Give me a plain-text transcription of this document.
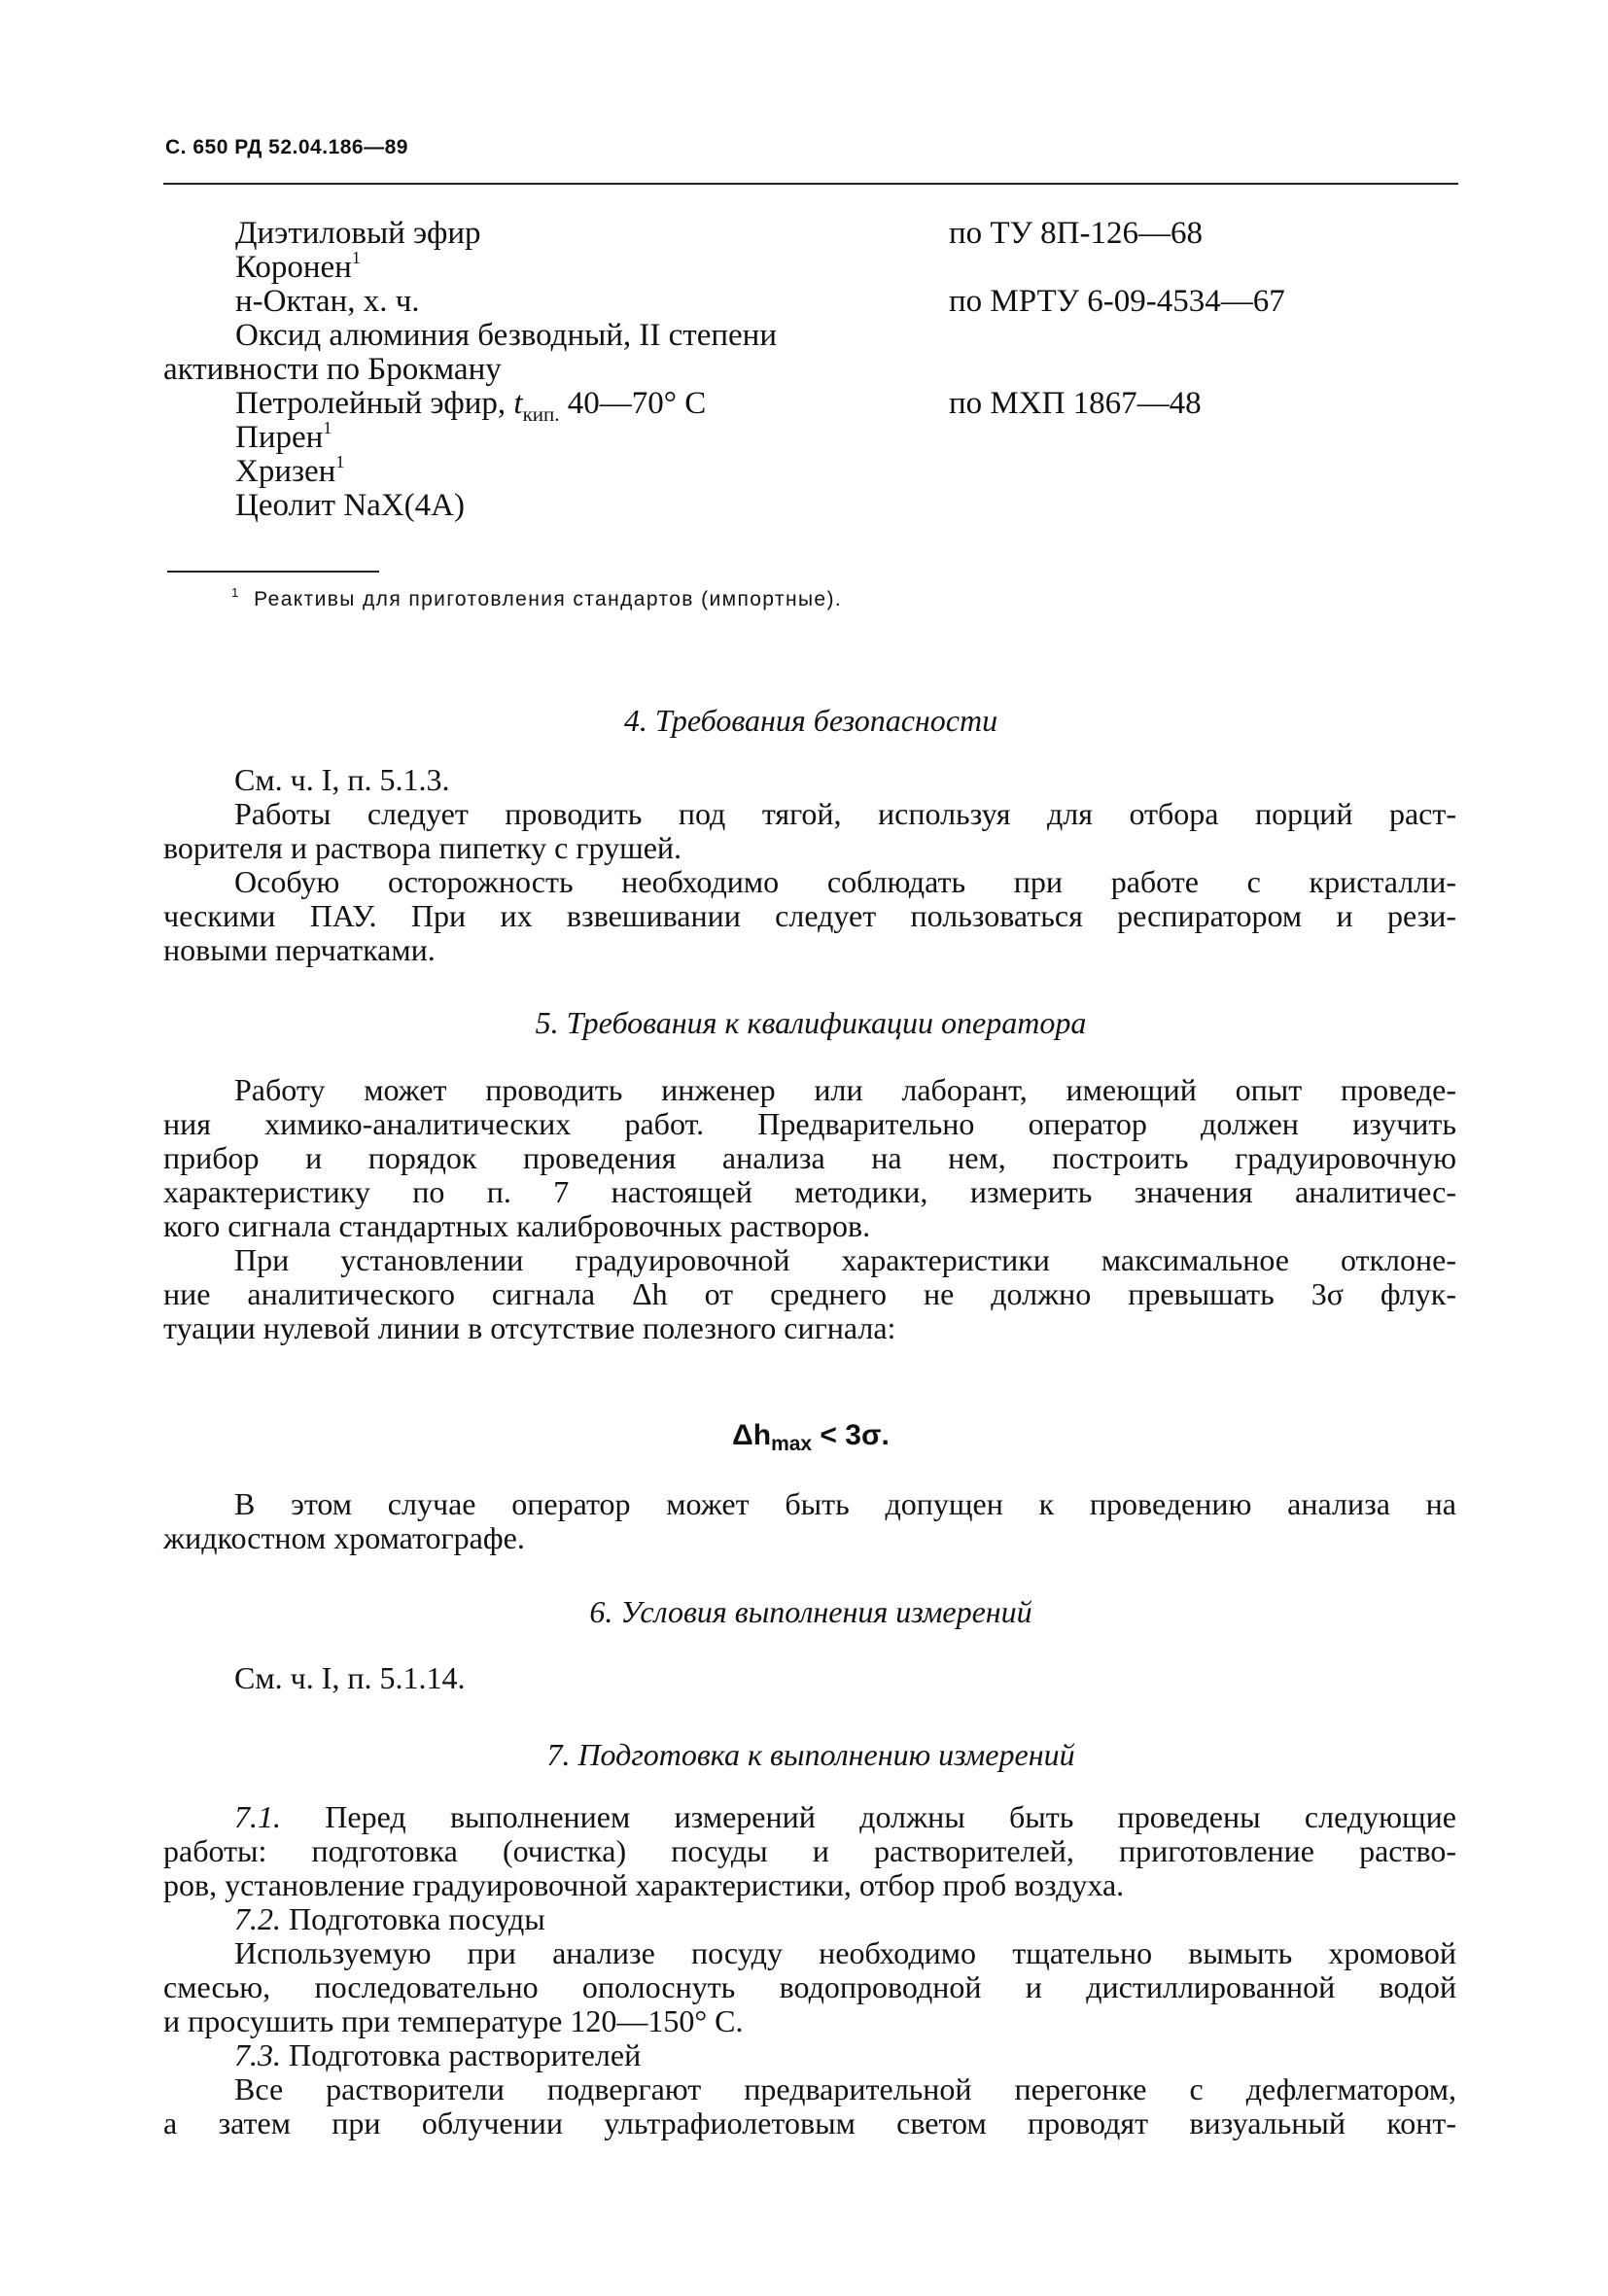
С. 650 РД 52.04.186—89
Диэтиловый эфир	по ТУ 8П-126—68
Коронен$^1$
н-Октан, х. ч.	по МРТУ 6-09-4534—67
Оксид алюминия безводный, II степени
активности по Брокману
Петролейный эфир, $t_{кип.}$ 40—70° C	по МХП 1867—48
Пирен$^1$
Хризен$^1$
Цеолит NaX(4A)
$^1$ Реактивы для приготовления стандартов (импортные).
4. Требования безопасности
См. ч. I, п. 5.1.3.
Работы следует проводить под тягой, используя для отбора порций раст-
ворителя и раствора пипетку с грушей.
Особую осторожность необходимо соблюдать при работе с кристалли-
ческими ПАУ. При их взвешивании следует пользоваться респиратором и рези-
новыми перчатками.
5. Требования к квалификации оператора
Работу может проводить инженер или лаборант, имеющий опыт проведе-
ния химико-аналитических работ. Предварительно оператор должен изучить
прибор и порядок проведения анализа на нем, построить градуировочную
характеристику по п. 7 настоящей методики, измерить значения аналитичес-
кого сигнала стандартных калибровочных растворов.
При установлении градуировочной характеристики максимальное отклоне-
ние аналитического сигнала Δh от среднего не должно превышать 3σ флук-
туации нулевой линии в отсутствие полезного сигнала:
$\Delta h_{max} < 3\sigma$.
В этом случае оператор может быть допущен к проведению анализа на
жидкостном хроматографе.
6. Условия выполнения измерений
См. ч. I, п. 5.1.14.
7. Подготовка к выполнению измерений
7.1. Перед выполнением измерений должны быть проведены следующие
работы: подготовка (очистка) посуды и растворителей, приготовление раство-
ров, установление градуировочной характеристики, отбор проб воздуха.
7.2. Подготовка посуды
Используемую при анализе посуду необходимо тщательно вымыть хромовой
смесью, последовательно ополоснуть водопроводной и дистиллированной водой
и просушить при температуре 120—150° C.
7.3. Подготовка растворителей
Все растворители подвергают предварительной перегонке с дефлегматором,
а затем при облучении ультрафиолетовым светом проводят визуальный конт-
